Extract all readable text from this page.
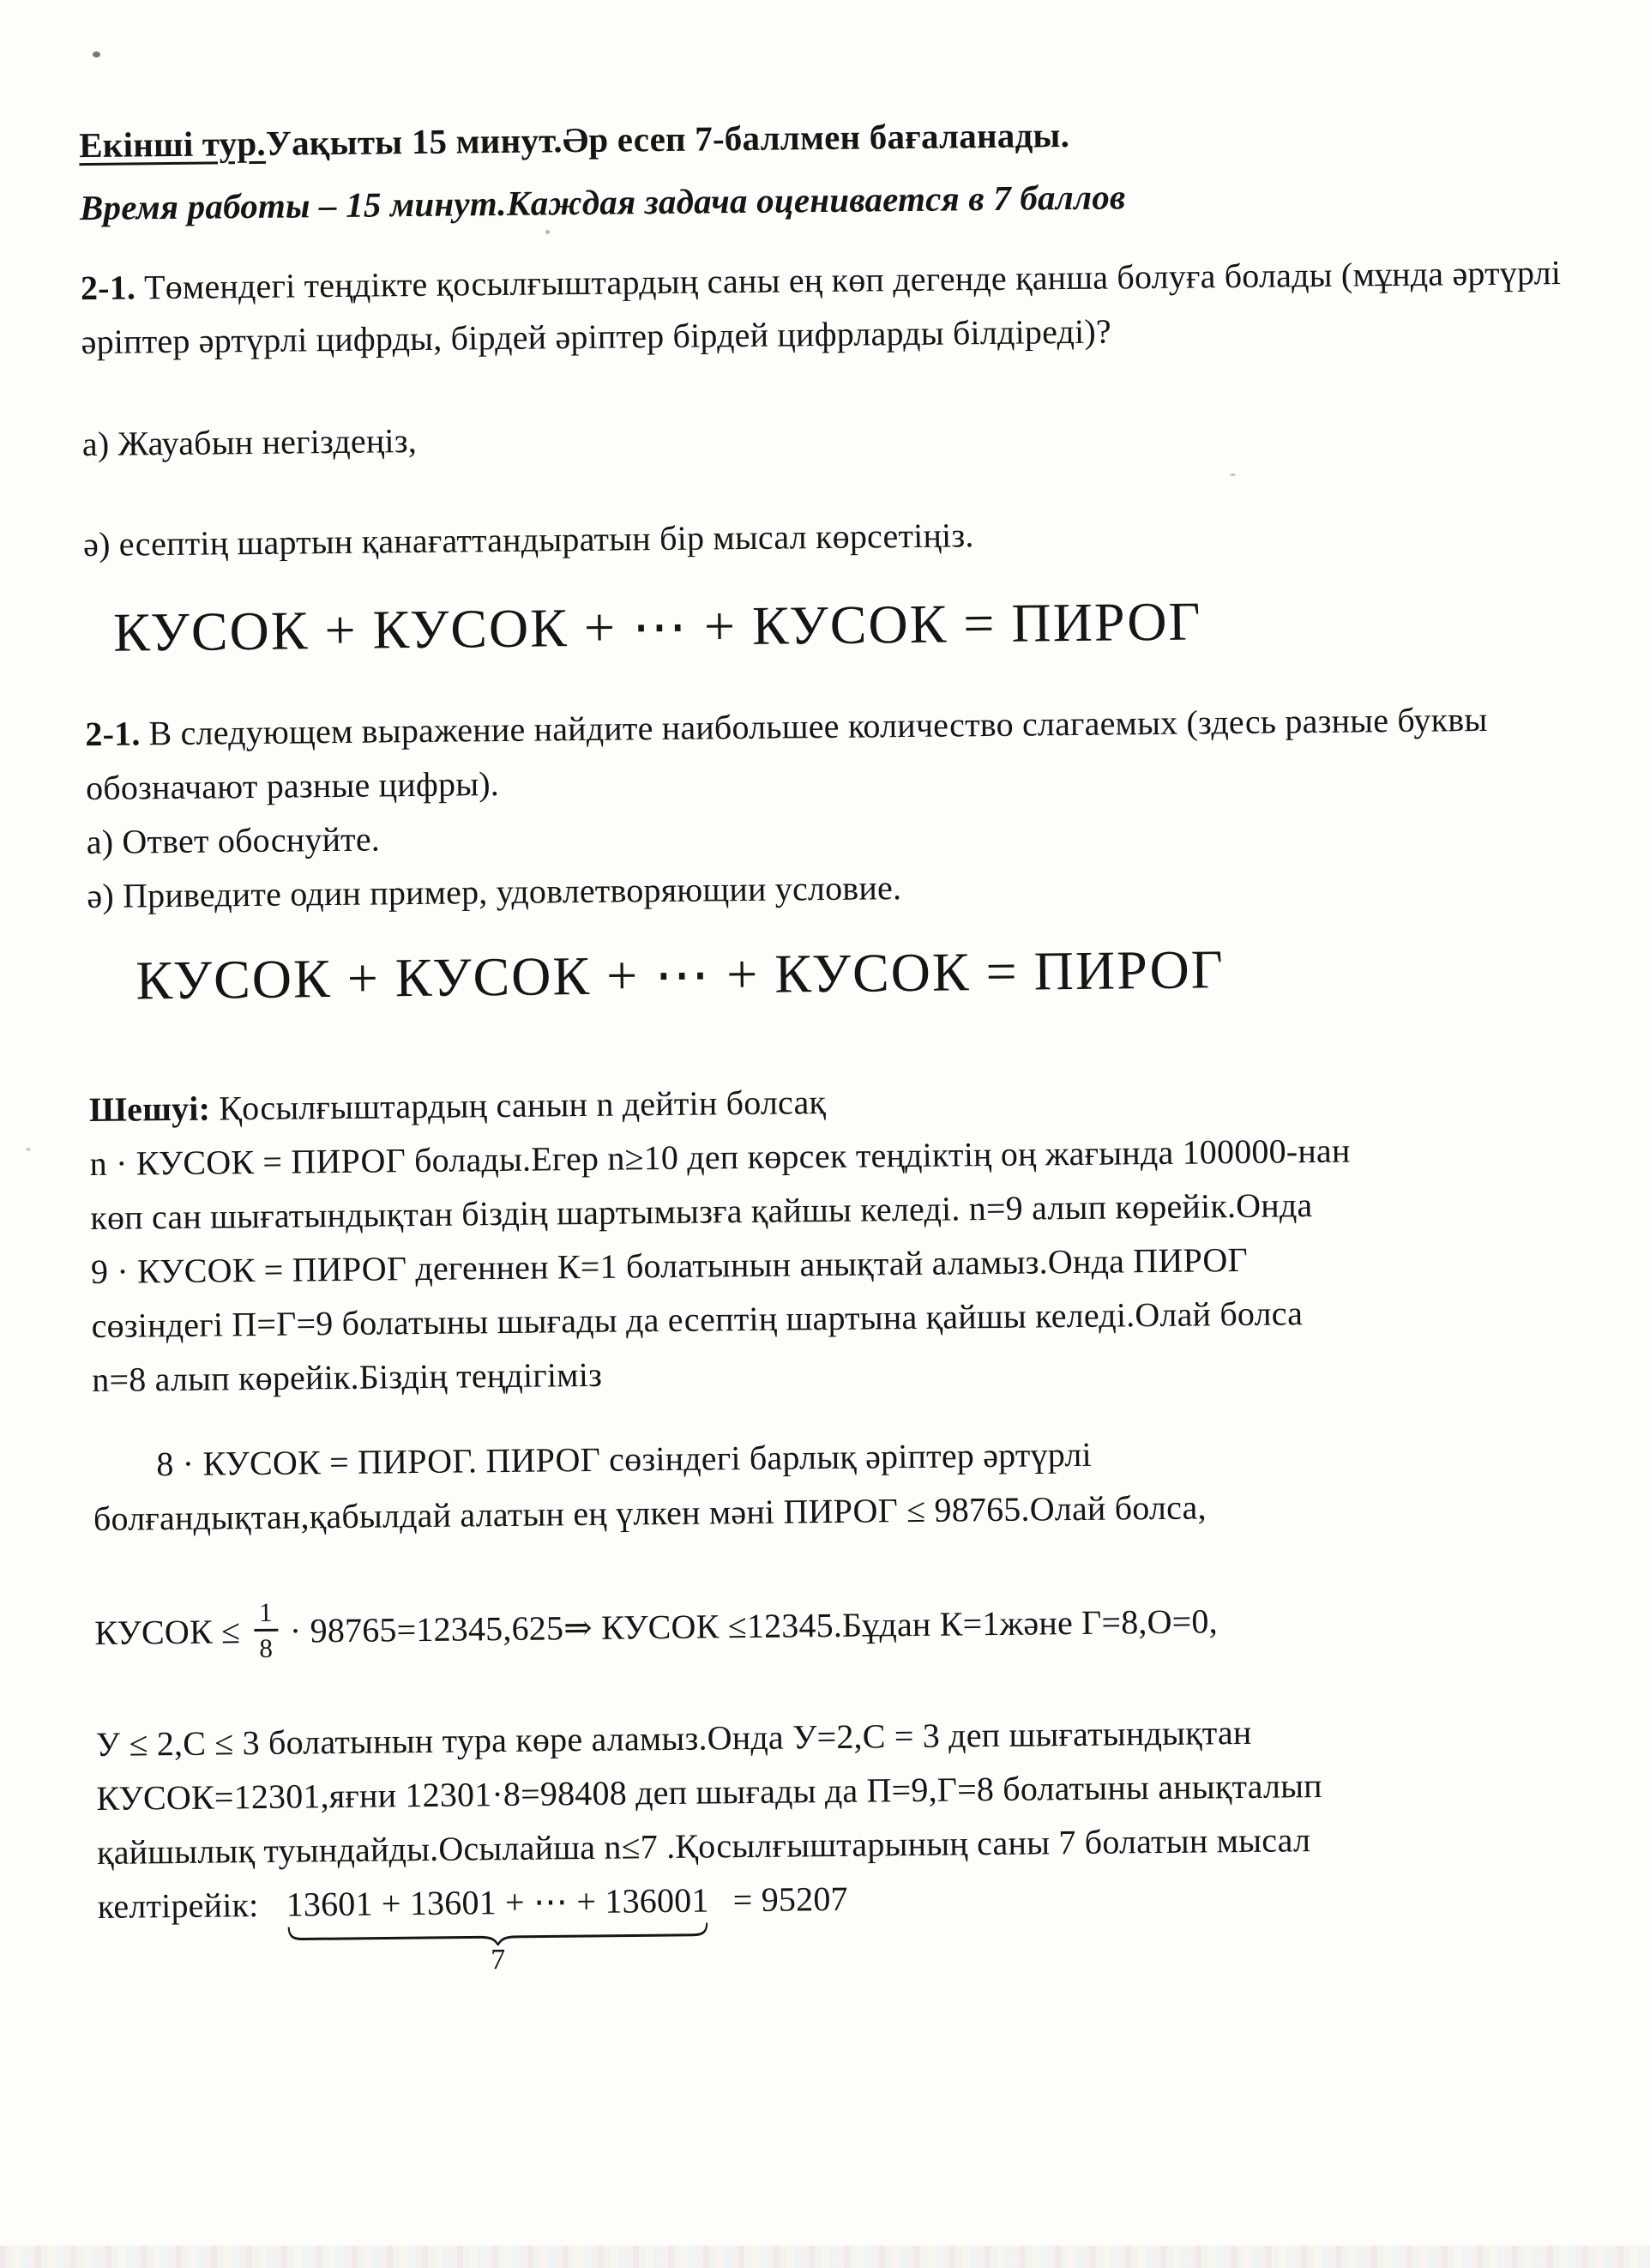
Екінші тур.Уақыты 15 минут.Әр есеп 7-баллмен бағаланады.
Время работы – 15 минут.Каждая задача оценивается в 7 баллов
2-1. Төмендегі теңдікте қосылғыштардың саны ең көп дегенде қанша болуға болады (мұнда әртүрлі әріптер әртүрлі цифрды, бірдей әріптер бірдей цифрларды білдіреді)?
а) Жауабын негіздеңіз,
ә) есептің шартын қанағаттандыратын бір мысал көрсетіңіз.
КУСОК + КУСОК + ⋯ + КУСОК = ПИРОГ
2-1. В следующем выражение найдите наибольшее количество слагаемых (здесь разные буквы обозначают разные цифры).
а) Ответ обоснуйте.
ә) Приведите один пример, удовлетворяющии условие.
КУСОК + КУСОК + ⋯ + КУСОК = ПИРОГ
Шешуі: Қосылғыштардың санын n дейтін болсақ
n · КУСОК = ПИРОГ болады.Егер n≥10 деп көрсек теңдіктің оң жағында 100000-нан
көп сан шығатындықтан біздің шартымызға қайшы келеді. n=9 алып көрейік.Онда
9 · КУСОК = ПИРОГ дегеннен К=1 болатынын анықтай аламыз.Онда ПИРОГ
сөзіндегі П=Г=9 болатыны шығады да есептің шартына қайшы келеді.Олай болса
n=8 алып көрейік.Біздің теңдігіміз
8 · КУСОК = ПИРОГ. ПИРОГ сөзіндегі барлық әріптер әртүрлі
болғандықтан,қабылдай алатын ең үлкен мәні ПИРОГ ≤ 98765.Олай болса,
КУСОК ≤ $\frac{1}{8}$ · 98765=12345,625⇒ КУСОК ≤12345.Бұдан К=1және Г=8,О=0,
У ≤ 2,С ≤ 3 болатынын тура көре аламыз.Онда У=2,С = 3 деп шығатындықтан
КУСОК=12301,яғни 12301·8=98408 деп шығады да П=9,Г=8 болатыны анықталып
қайшылық туындайды.Осылайша n≤7 .Қосылғыштарының саны 7 болатын мысал
келтірейік: 13601 + 13601 + ⋯ + 136001
7
= 95207
